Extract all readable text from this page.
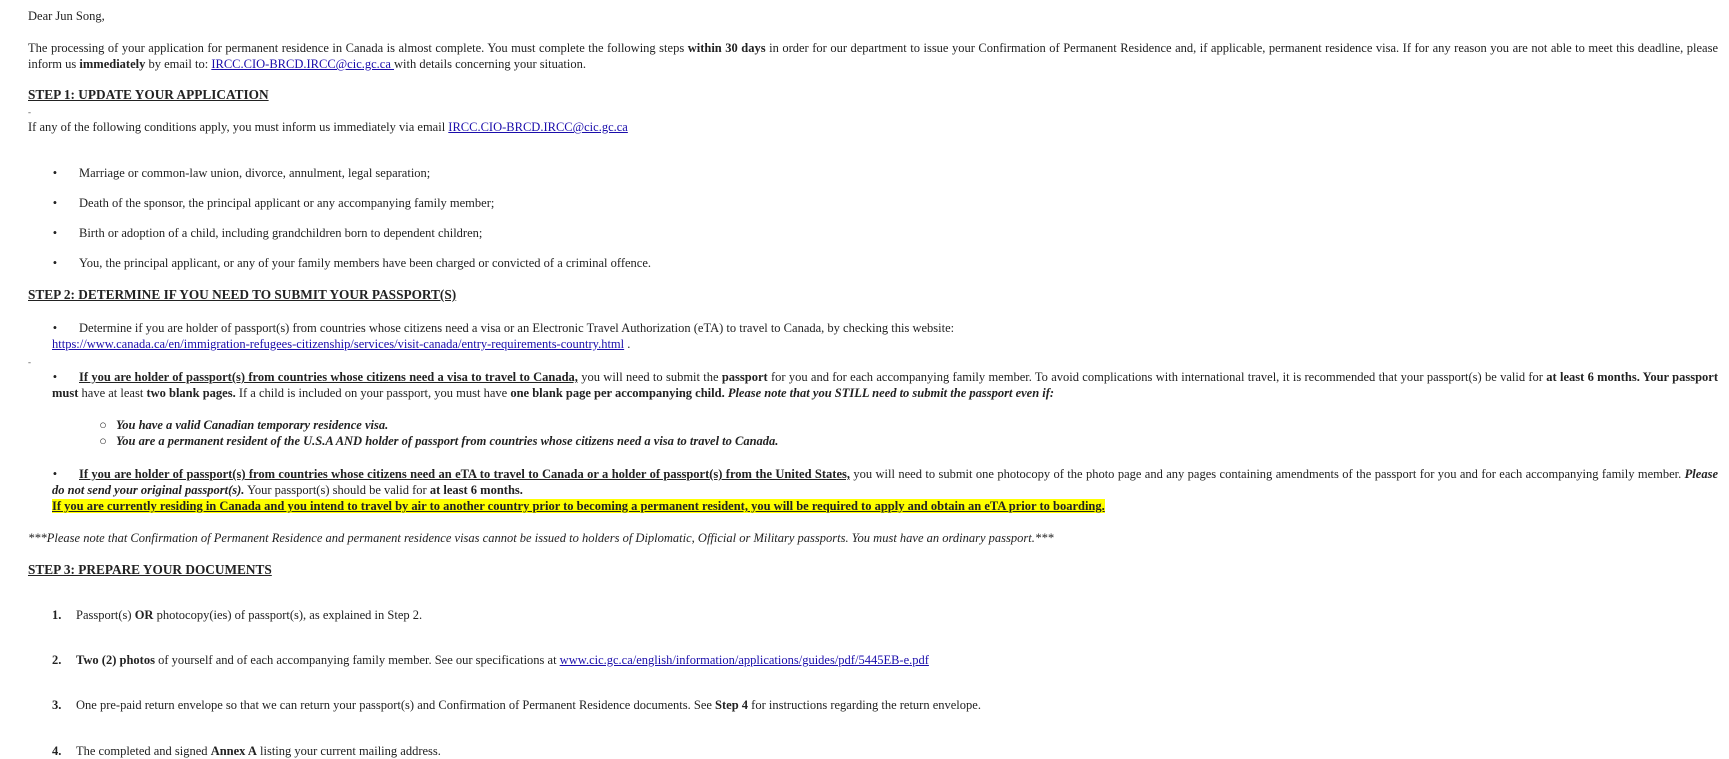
Dear Jun Song,
The processing of your application for permanent residence in Canada is almost complete. You must complete the following steps within 30 days in order for our department to issue your Confirmation of Permanent Residence and, if applicable, permanent residence visa. If for any reason you are not able to meet this deadline, please inform us immediately by email to: IRCC.CIO-BRCD.IRCC@cic.gc.ca with details concerning your situation.
STEP 1: UPDATE YOUR APPLICATION
-
If any of the following conditions apply, you must inform us immediately via email IRCC.CIO-BRCD.IRCC@cic.gc.ca
• Marriage or common-law union, divorce, annulment, legal separation;
• Death of the sponsor, the principal applicant or any accompanying family member;
• Birth or adoption of a child, including grandchildren born to dependent children;
• You, the principal applicant, or any of your family members have been charged or convicted of a criminal offence.
STEP 2: DETERMINE IF YOU NEED TO SUBMIT YOUR PASSPORT(S)
• Determine if you are holder of passport(s) from countries whose citizens need a visa or an Electronic Travel Authorization (eTA) to travel to Canada, by checking this website:
https://www.canada.ca/en/immigration-refugees-citizenship/services/visit-canada/entry-requirements-country.html .
-
•	If you are holder of passport(s) from countries whose citizens need a visa to travel to Canada, you will need to submit the passport for you and for each accompanying family member. To avoid complications with international travel, it is recommended that your passport(s) be valid for at least 6 months. Your passport must have at least two blank pages. If a child is included on your passport, you must have one blank page per accompanying child. Please note that you STILL need to submit the passport even if:
○ You have a valid Canadian temporary residence visa.
○ You are a permanent resident of the U.S.A AND holder of passport from countries whose citizens need a visa to travel to Canada.
•	If you are holder of passport(s) from countries whose citizens need an eTA to travel to Canada or a holder of passport(s) from the United States, you will need to submit one photocopy of the photo page and any pages containing amendments of the passport for you and for each accompanying family member. Please do not send your original passport(s). Your passport(s) should be valid for at least 6 months.
If you are currently residing in Canada and you intend to travel by air to another country prior to becoming a permanent resident, you will be required to apply and obtain an eTA prior to boarding.
***Please note that Confirmation of Permanent Residence and permanent residence visas cannot be issued to holders of Diplomatic, Official or Military passports. You must have an ordinary passport.***
STEP 3: PREPARE YOUR DOCUMENTS
1. Passport(s) OR photocopy(ies) of passport(s), as explained in Step 2.
2. Two (2) photos of yourself and of each accompanying family member. See our specifications at www.cic.gc.ca/english/information/applications/guides/pdf/5445EB-e.pdf
3. One pre-paid return envelope so that we can return your passport(s) and Confirmation of Permanent Residence documents. See Step 4 for instructions regarding the return envelope.
4. The completed and signed Annex A listing your current mailing address.
